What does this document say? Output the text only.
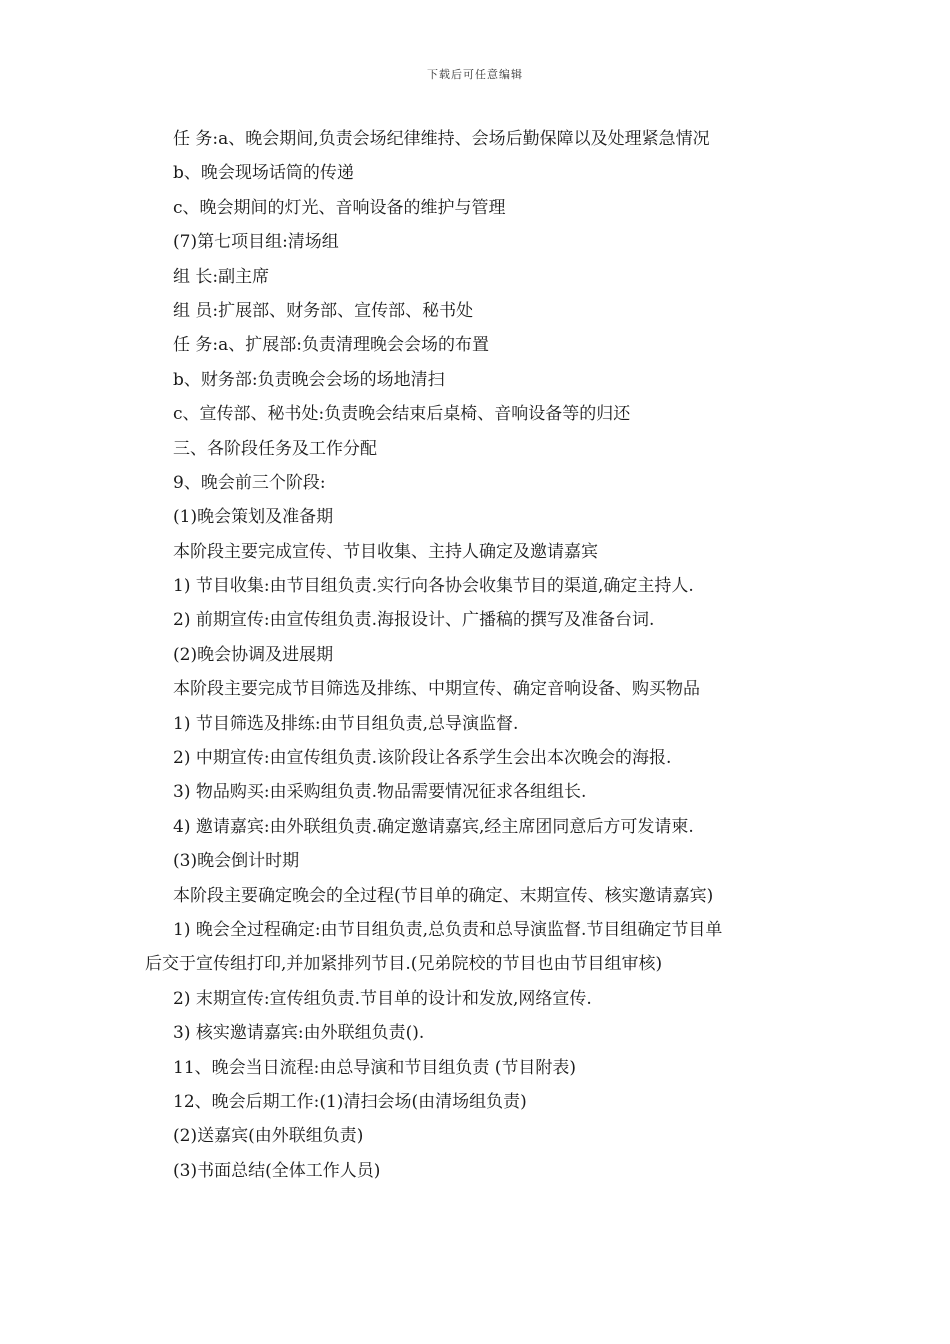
下载后可任意编辑
任 务:a、晚会期间,负责会场纪律维持、会场后勤保障以及处理紧急情况
b、晚会现场话筒的传递
c、晚会期间的灯光、音响设备的维护与管理
(7)第七项目组:清场组
组 长:副主席
组 员:扩展部、财务部、宣传部、秘书处
任 务:a、扩展部:负责清理晚会会场的布置
b、财务部:负责晚会会场的场地清扫
c、宣传部、秘书处:负责晚会结束后桌椅、音响设备等的归还
三、各阶段任务及工作分配
9、晚会前三个阶段:
(1)晚会策划及准备期
本阶段主要完成宣传、节目收集、主持人确定及邀请嘉宾
1) 节目收集:由节目组负责.实行向各协会收集节目的渠道,确定主持人.
2) 前期宣传:由宣传组负责.海报设计、广播稿的撰写及准备台词.
(2)晚会协调及进展期
本阶段主要完成节目筛选及排练、中期宣传、确定音响设备、购买物品
1) 节目筛选及排练:由节目组负责,总导演监督.
2) 中期宣传:由宣传组负责.该阶段让各系学生会出本次晚会的海报.
3) 物品购买:由采购组负责.物品需要情况征求各组组长.
4) 邀请嘉宾:由外联组负责.确定邀请嘉宾,经主席团同意后方可发请柬.
(3)晚会倒计时期
本阶段主要确定晚会的全过程(节目单的确定、末期宣传、核实邀请嘉宾)
1) 晚会全过程确定:由节目组负责,总负责和总导演监督.节目组确定节目单
后交于宣传组打印,并加紧排列节目.(兄弟院校的节目也由节目组审核)
2) 末期宣传:宣传组负责.节目单的设计和发放,网络宣传.
3) 核实邀请嘉宾:由外联组负责().
11、晚会当日流程:由总导演和节目组负责 (节目附表)
12、晚会后期工作:(1)清扫会场(由清场组负责)
(2)送嘉宾(由外联组负责)
(3)书面总结(全体工作人员)
